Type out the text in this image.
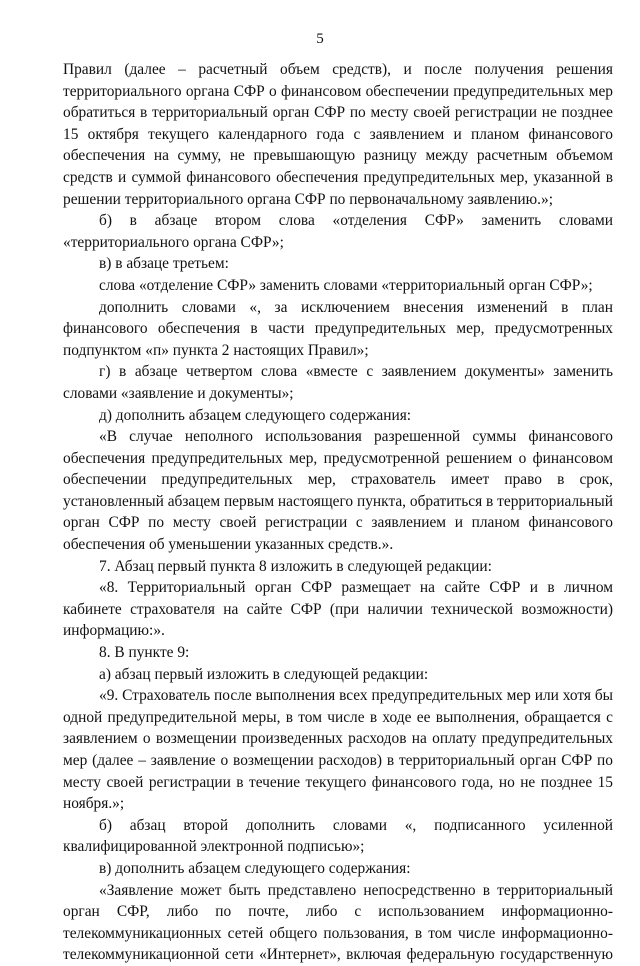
5

Правил (далее – расчетный объем средств), и после получения решения территориального органа СФР о финансовом обеспечении предупредительных мер обратиться в территориальный орган СФР по месту своей регистрации не позднее 15 октября текущего календарного года с заявлением и планом финансового обеспечения на сумму, не превышающую разницу между расчетным объемом средств и суммой финансового обеспечения предупредительных мер, указанной в решении территориального органа СФР по первоначальному заявлению.»;

б) в абзаце втором слова «отделения СФР» заменить словами «территориального органа СФР»;

в) в абзаце третьем:

слова «отделение СФР» заменить словами «территориальный орган СФР»;

дополнить словами «, за исключением внесения изменений в план финансового обеспечения в части предупредительных мер, предусмотренных подпунктом «п» пункта 2 настоящих Правил»;

г) в абзаце четвертом слова «вместе с заявлением документы» заменить словами «заявление и документы»;

д) дополнить абзацем следующего содержания:

«В случае неполного использования разрешенной суммы финансового обеспечения предупредительных мер, предусмотренной решением о финансовом обеспечении предупредительных мер, страхователь имеет право в срок, установленный абзацем первым настоящего пункта, обратиться в территориальный орган СФР по месту своей регистрации с заявлением и планом финансового обеспечения об уменьшении указанных средств.».

7. Абзац первый пункта 8 изложить в следующей редакции:

«8. Территориальный орган СФР размещает на сайте СФР и в личном кабинете страхователя на сайте СФР (при наличии технической возможности) информацию:».

8. В пункте 9:

а) абзац первый изложить в следующей редакции:

«9. Страхователь после выполнения всех предупредительных мер или хотя бы одной предупредительной меры, в том числе в ходе ее выполнения, обращается с заявлением о возмещении произведенных расходов на оплату предупредительных мер (далее – заявление о возмещении расходов) в территориальный орган СФР по месту своей регистрации в течение текущего финансового года, но не позднее 15 ноября.»;

б) абзац второй дополнить словами «, подписанного усиленной квалифицированной электронной подписью»;

в) дополнить абзацем следующего содержания:

«Заявление может быть представлено непосредственно в территориальный орган СФР, либо по почте, либо с использованием информационно-телекоммуникационных сетей общего пользования, в том числе информационно-телекоммуникационной сети «Интернет», включая федеральную государственную
